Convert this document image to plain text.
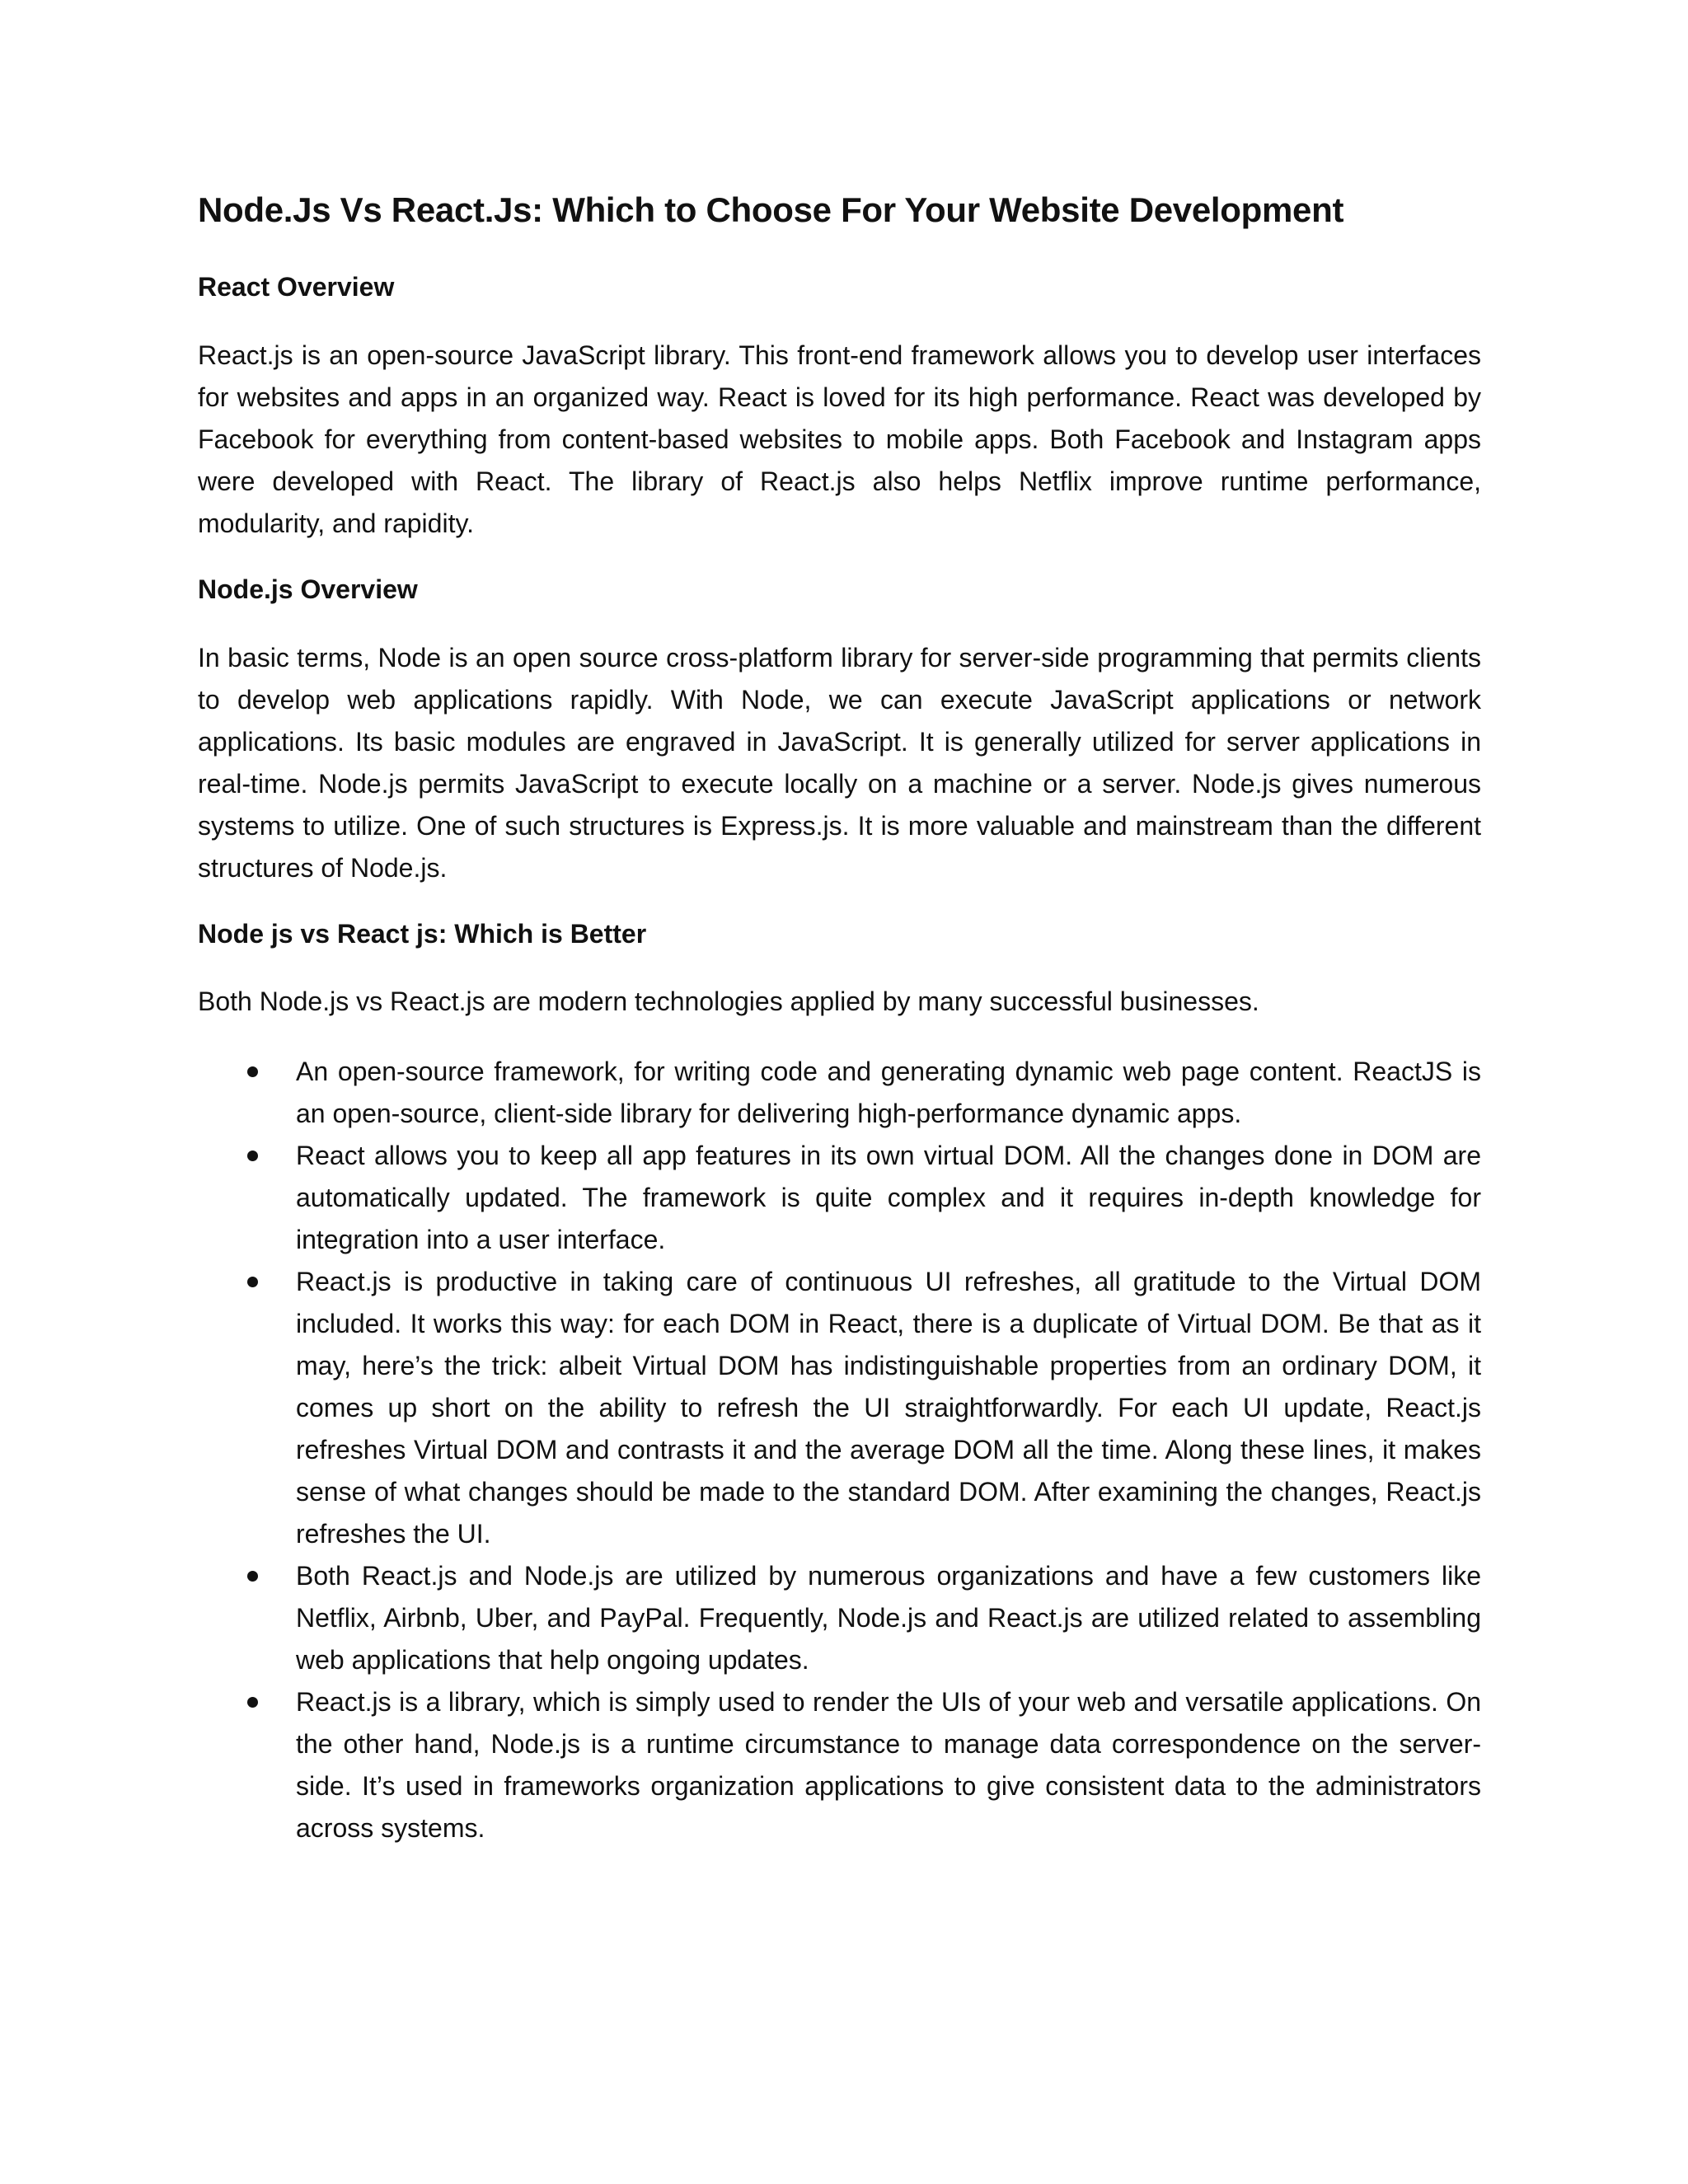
Node.Js Vs React.Js: Which to Choose For Your Website Development
React Overview

React.js is an open-source JavaScript library. This front-end framework allows you to develop user interfaces for websites and apps in an organized way. React is loved for its high performance. React was developed by Facebook for everything from content-based websites to mobile apps. Both Facebook and Instagram apps were developed with React. The library of React.js also helps Netflix improve runtime performance, modularity, and rapidity.

Node.js Overview

In basic terms, Node is an open source cross-platform library for server-side programming that permits clients to develop web applications rapidly. With Node, we can execute JavaScript applications or network applications. Its basic modules are engraved in JavaScript. It is generally utilized for server applications in real-time. Node.js permits JavaScript to execute locally on a machine or a server. Node.js gives numerous systems to utilize. One of such structures is Express.js. It is more valuable and mainstream than the different structures of Node.js.

Node js vs React js: Which is Better

Both Node.js vs React.js are modern technologies applied by many successful businesses.

An open-source framework, for writing code and generating dynamic web page content. ReactJS is an open-source, client-side library for delivering high-performance dynamic apps.
React allows you to keep all app features in its own virtual DOM. All the changes done in DOM are automatically updated. The framework is quite complex and it requires in-depth knowledge for integration into a user interface.
React.js is productive in taking care of continuous UI refreshes, all gratitude to the Virtual DOM included. It works this way: for each DOM in React, there is a duplicate of Virtual DOM. Be that as it may, here’s the trick: albeit Virtual DOM has indistinguishable properties from an ordinary DOM, it comes up short on the ability to refresh the UI straightforwardly. For each UI update, React.js refreshes Virtual DOM and contrasts it and the average DOM all the time. Along these lines, it makes sense of what changes should be made to the standard DOM. After examining the changes, React.js refreshes the UI.
Both React.js and Node.js are utilized by numerous organizations and have a few customers like Netflix, Airbnb, Uber, and PayPal. Frequently, Node.js and React.js are utilized related to assembling web applications that help ongoing updates.
React.js is a library, which is simply used to render the UIs of your web and versatile applications. On the other hand, Node.js is a runtime circumstance to manage data correspondence on the server-side. It’s used in frameworks organization applications to give consistent data to the administrators across systems.
